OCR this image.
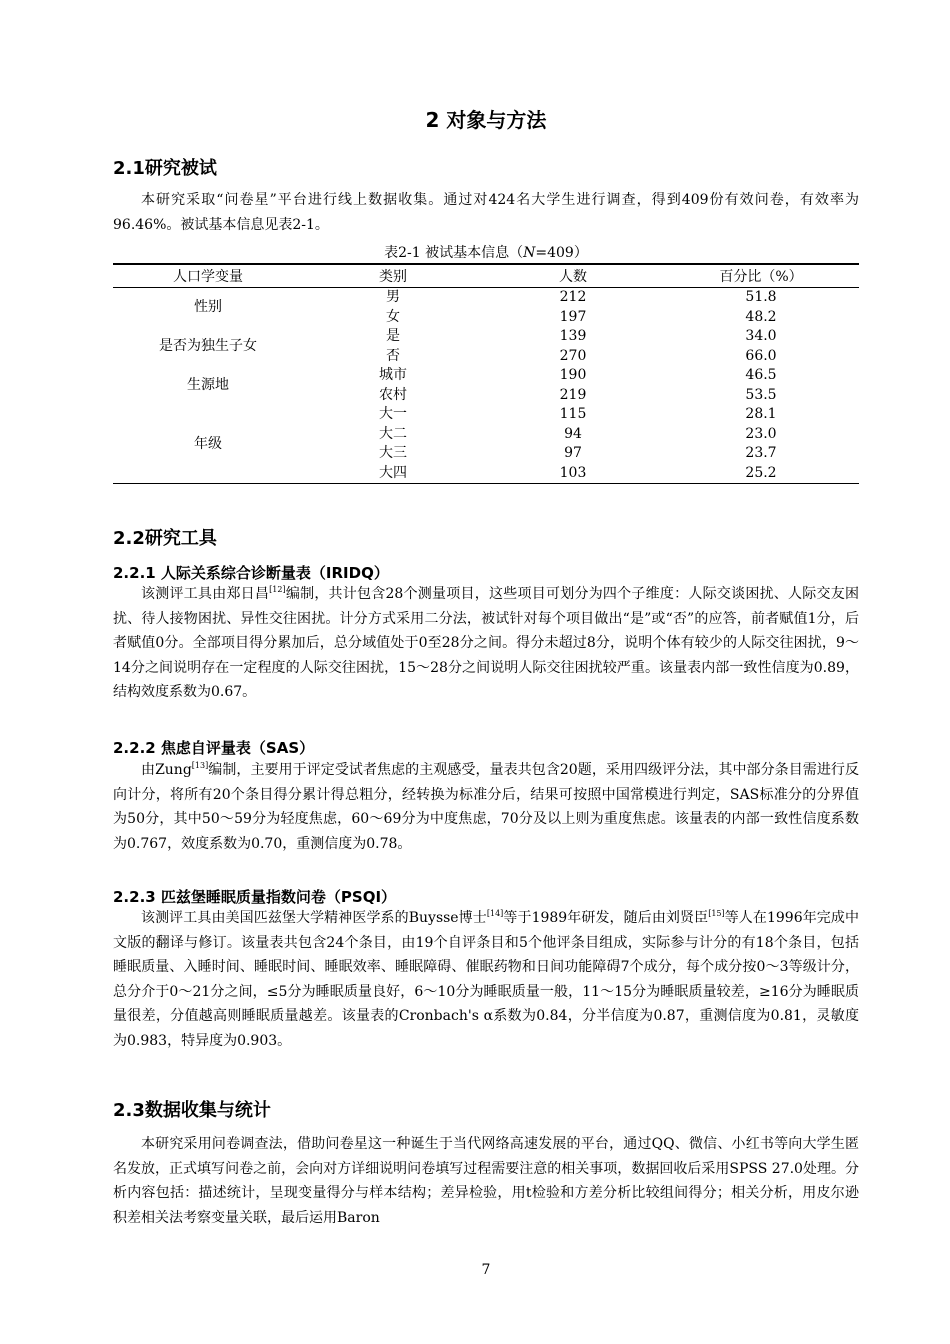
2 对象与方法
2.1研究被试

本研究采取“问卷星”平台进行线上数据收集。通过对424名大学生进行调查，得到409份有效问卷，有效率为96.46%。被试基本信息见表2-1。

表2-1 被试基本信息（N=409）
人口学变量	类别	人数	百分比（%）
性别	男	212	51.8
	女	197	48.2
是否为独生子女	是	139	34.0
	否	270	66.0
生源地	城市	190	46.5
	农村	219	53.5
年级	大一	115	28.1
	大二	94	23.0
	大三	97	23.7
	大四	103	25.2
2.2研究工具
2.2.1 人际关系综合诊断量表（IRIDQ）

该测评工具由郑日昌[12]编制，共计包含28个测量项目，这些项目可划分为四个子维度：人际交谈困扰、人际交友困扰、待人接物困扰、异性交往困扰。计分方式采用二分法，被试针对每个项目做出“是”或“否”的应答，前者赋值1分，后者赋值0分。全部项目得分累加后，总分域值处于0至28分之间。得分未超过8分，说明个体有较少的人际交往困扰，9～14分之间说明存在一定程度的人际交往困扰，15～28分之间说明人际交往困扰较严重。该量表内部一致性信度为0.89，结构效度系数为0.67。

2.2.2 焦虑自评量表（SAS）

由Zung[13]编制，主要用于评定受试者焦虑的主观感受，量表共包含20题，采用四级评分法，其中部分条目需进行反向计分，将所有20个条目得分累计得总粗分，经转换为标准分后，结果可按照中国常模进行判定，SAS标准分的分界值为50分，其中50～59分为轻度焦虑，60～69分为中度焦虑，70分及以上则为重度焦虑。该量表的内部一致性信度系数为0.767，效度系数为0.70，重测信度为0.78。

2.2.3 匹兹堡睡眠质量指数问卷（PSQI）

该测评工具由美国匹兹堡大学精神医学系的Buysse博士[14]等于1989年研发，随后由刘贤臣[15]等人在1996年完成中文版的翻译与修订。该量表共包含24个条目，由19个自评条目和5个他评条目组成，实际参与计分的有18个条目，包括睡眠质量、入睡时间、睡眠时间、睡眠效率、睡眠障碍、催眠药物和日间功能障碍7个成分，每个成分按0～3等级计分，总分介于0～21分之间，≤5分为睡眠质量良好，6～10分为睡眠质量一般，11～15分为睡眠质量较差，≥16分为睡眠质量很差，分值越高则睡眠质量越差。该量表的Cronbach's α系数为0.84，分半信度为0.87，重测信度为0.81，灵敏度为0.983，特异度为0.903。

2.3数据收集与统计

本研究采用问卷调查法，借助问卷星这一种诞生于当代网络高速发展的平台，通过QQ、微信、小红书等向大学生匿名发放，正式填写问卷之前，会向对方详细说明问卷填写过程需要注意的相关事项，数据回收后采用SPSS 27.0处理。分析内容包括：描述统计，呈现变量得分与样本结构；差异检验，用t检验和方差分析比较组间得分；相关分析，用皮尔逊积差相关法考察变量关联，最后运用Baron

7
